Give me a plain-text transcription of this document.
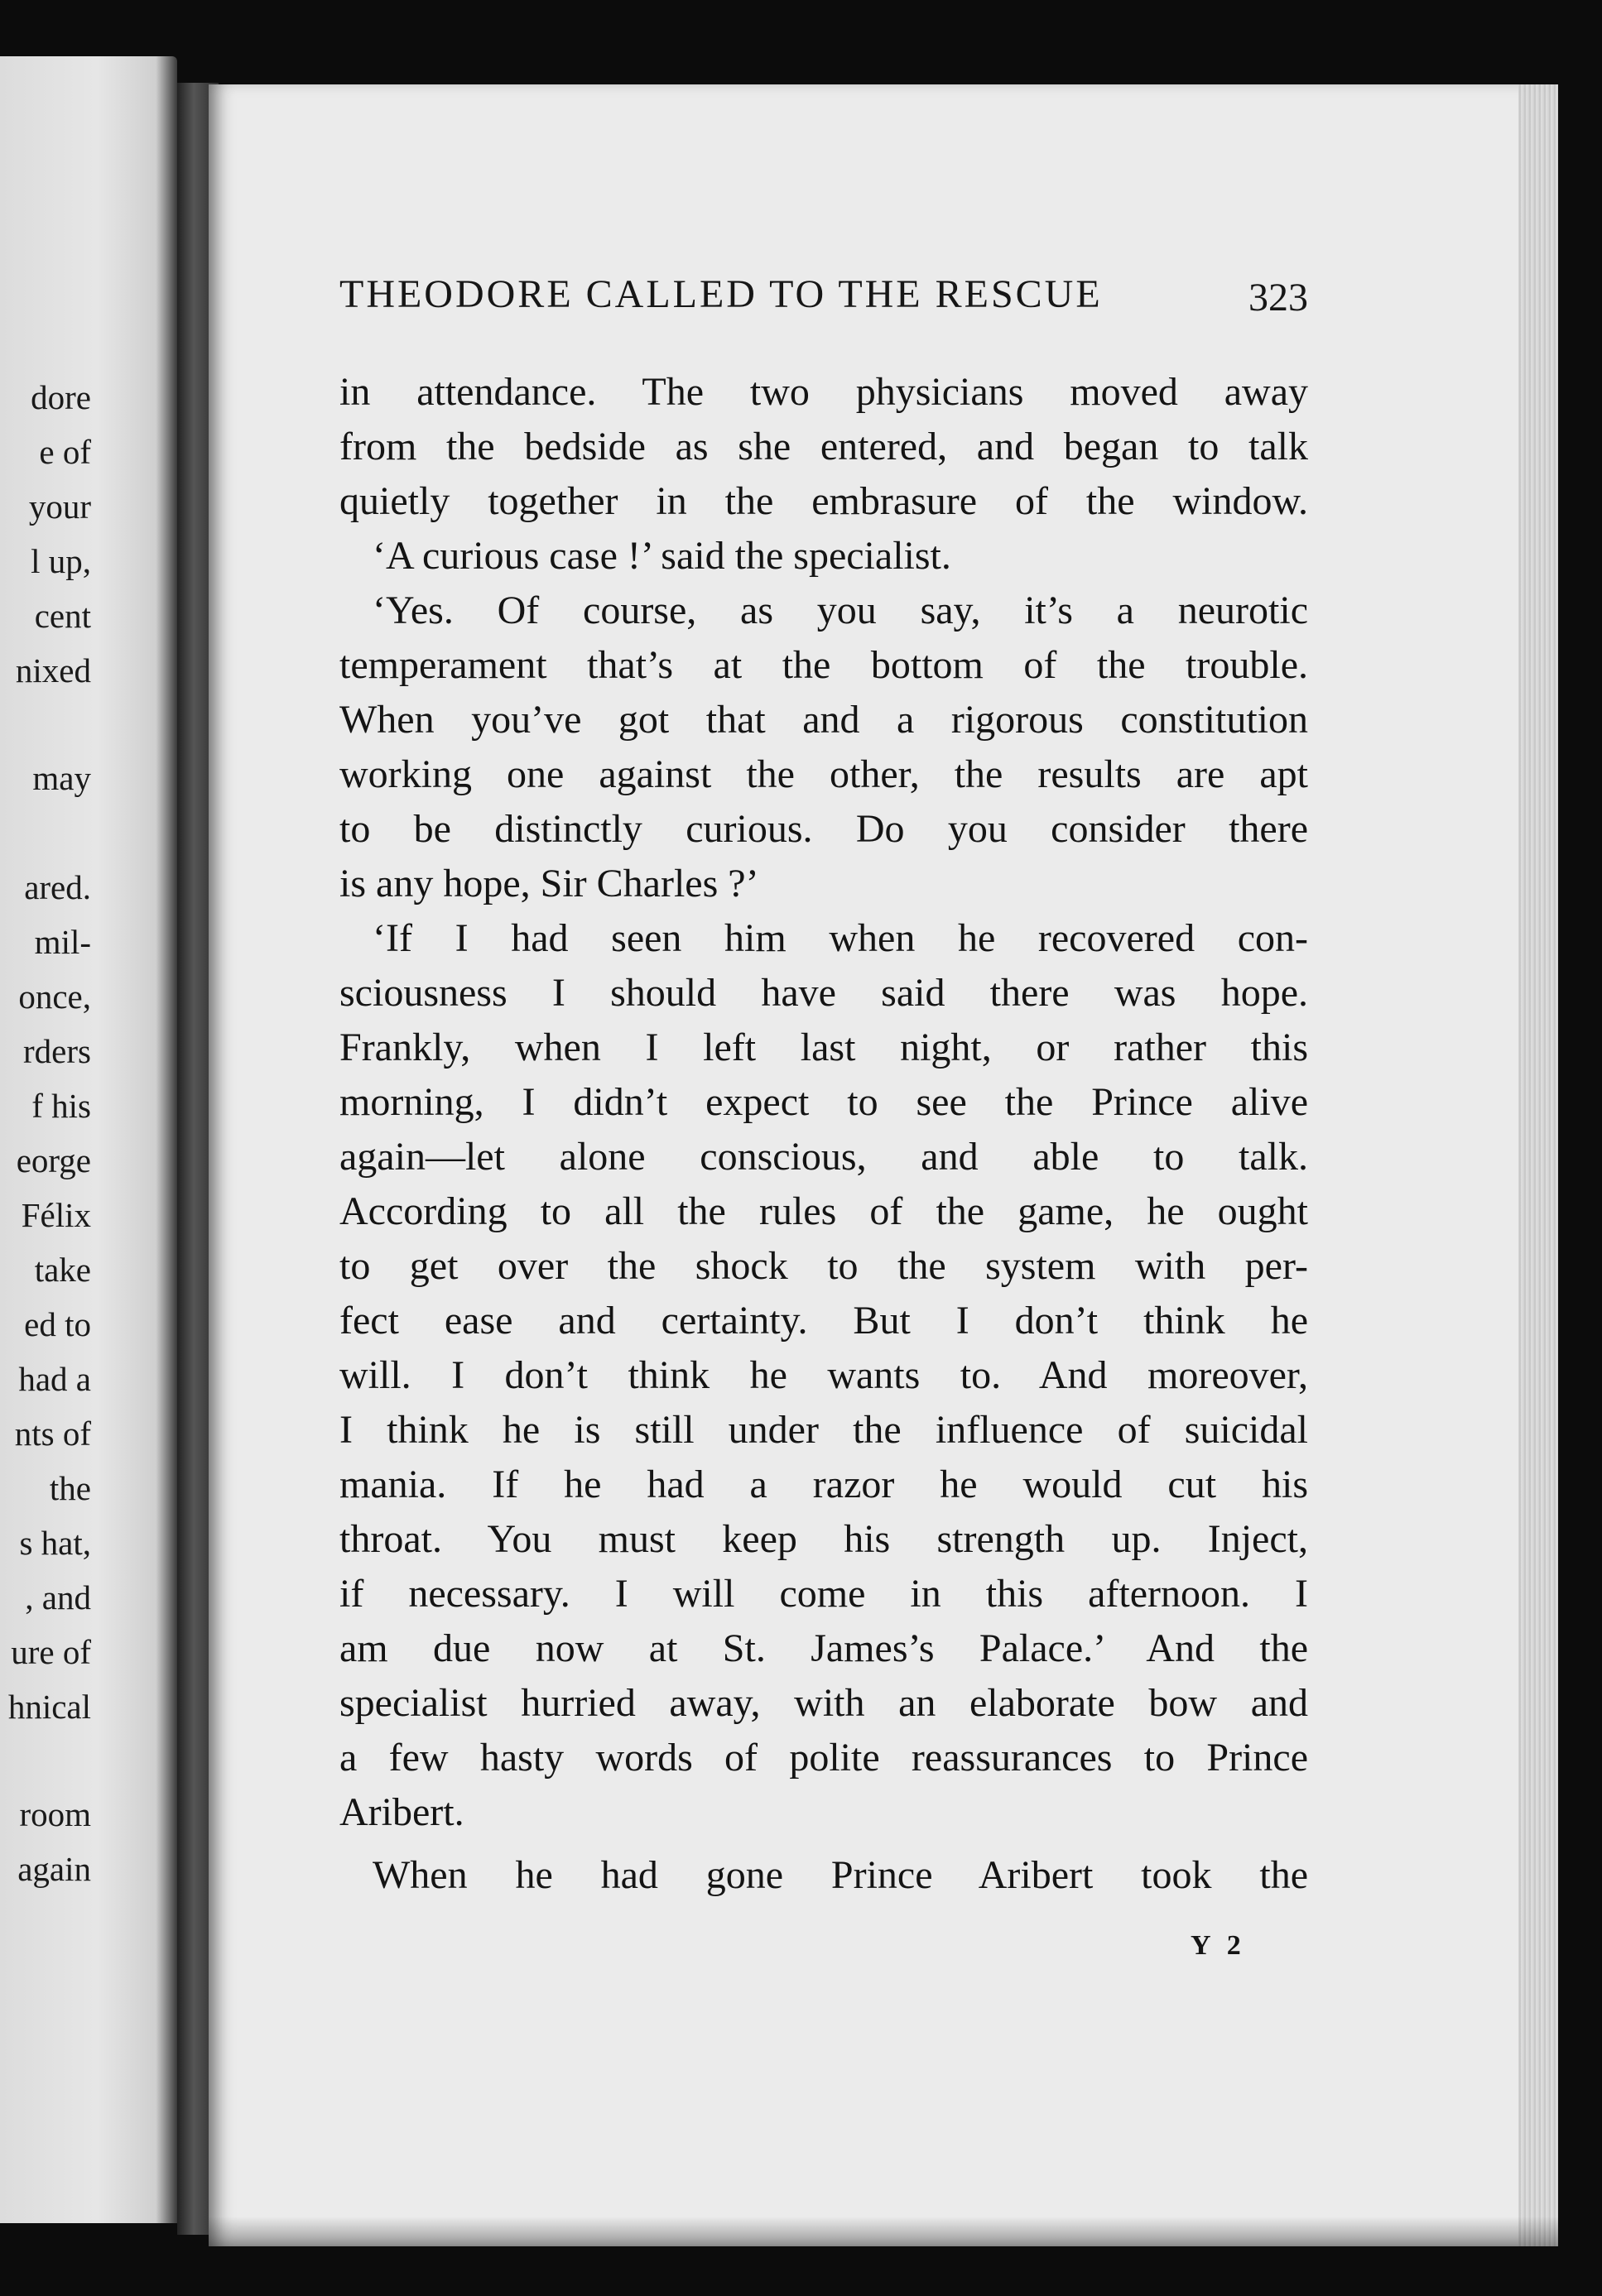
dore
e of
your
l up,
cent
nixed
may
ared.
mil-
once,
rders
f his
eorge
Félix
take
ed to
had a
nts of
the
s hat,
, and
ure of
hnical
room
again
THEODORE CALLED TO THE RESCUE	323
in attendance. The two physicians moved away
from the bedside as she entered, and began to talk
quietly together in the embrasure of the window.
‘A curious case !’ said the specialist.
‘Yes. Of course, as you say, it’s a neurotic
temperament that’s at the bottom of the trouble.
When you’ve got that and a rigorous constitution
working one against the other, the results are apt
to be distinctly curious. Do you consider there
is any hope, Sir Charles ?’
‘If I had seen him when he recovered con-
sciousness I should have said there was hope.
Frankly, when I left last night, or rather this
morning, I didn’t expect to see the Prince alive
again—let alone conscious, and able to talk.
According to all the rules of the game, he ought
to get over the shock to the system with per-
fect ease and certainty. But I don’t think he
will. I don’t think he wants to. And moreover,
I think he is still under the influence of suicidal
mania. If he had a razor he would cut his
throat. You must keep his strength up. Inject,
if necessary. I will come in this afternoon. I
am due now at St. James’s Palace.’ And the
specialist hurried away, with an elaborate bow and
a few hasty words of polite reassurances to Prince
Aribert.
When he had gone Prince Aribert took the
Y 2
